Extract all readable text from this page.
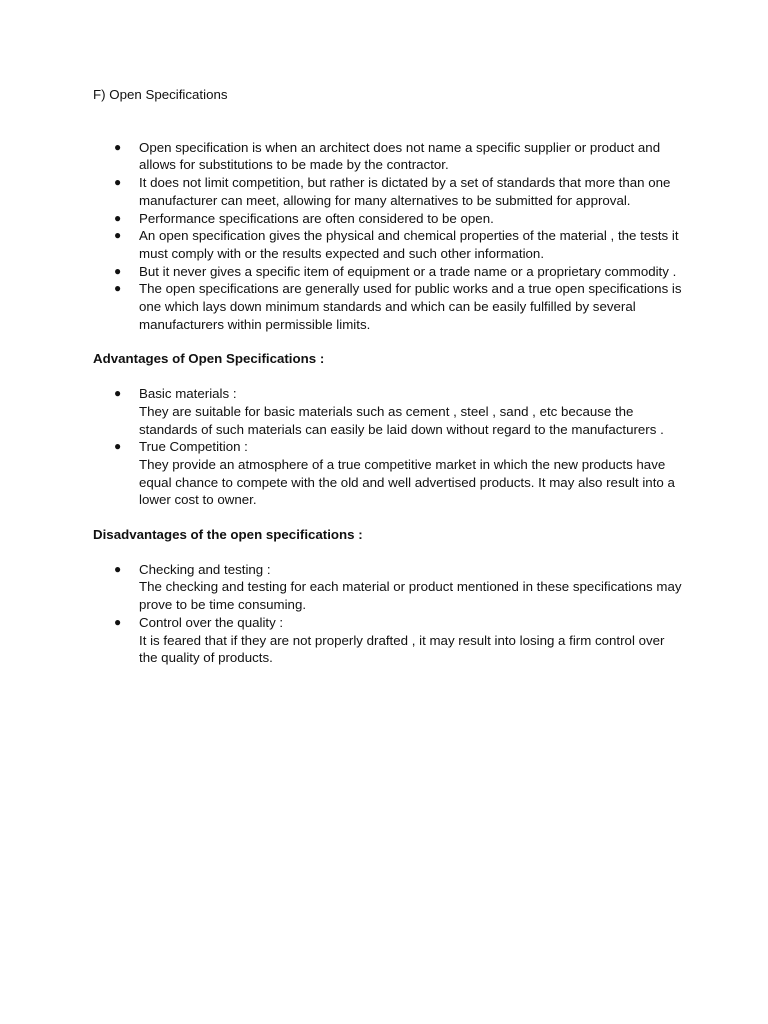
F) Open Specifications
● Open specification is when an architect does not name a specific supplier or product and allows for substitutions to be made by the contractor.
● It does not limit competition, but rather is dictated by a set of standards that more than one manufacturer can meet, allowing for many alternatives to be submitted for approval.
● Performance specifications are often considered to be open.
● An open specification gives the physical and chemical properties of the material , the tests it must comply with or the results expected and such other information.
● But it never gives a specific item of equipment or a trade name or a proprietary commodity .
● The open specifications are generally used for public works and a true open specifications is one which lays down minimum standards and which can be easily fulfilled by several manufacturers within permissible limits.
Advantages of Open Specifications :
● Basic materials :
They are suitable for basic materials such as cement , steel , sand , etc because the standards of such materials can easily be laid down without regard to the manufacturers .
● True Competition :
They provide an atmosphere of a true competitive market in which the new products have equal chance to compete with the old and well advertised products. It may also result into a lower cost to owner.
Disadvantages of the open specifications :
● Checking and testing :
The checking and testing for each material or product mentioned in these specifications may prove to be time consuming.
● Control over the quality :
It is feared that if they are not properly drafted , it may result into losing a firm control over the quality of products.
